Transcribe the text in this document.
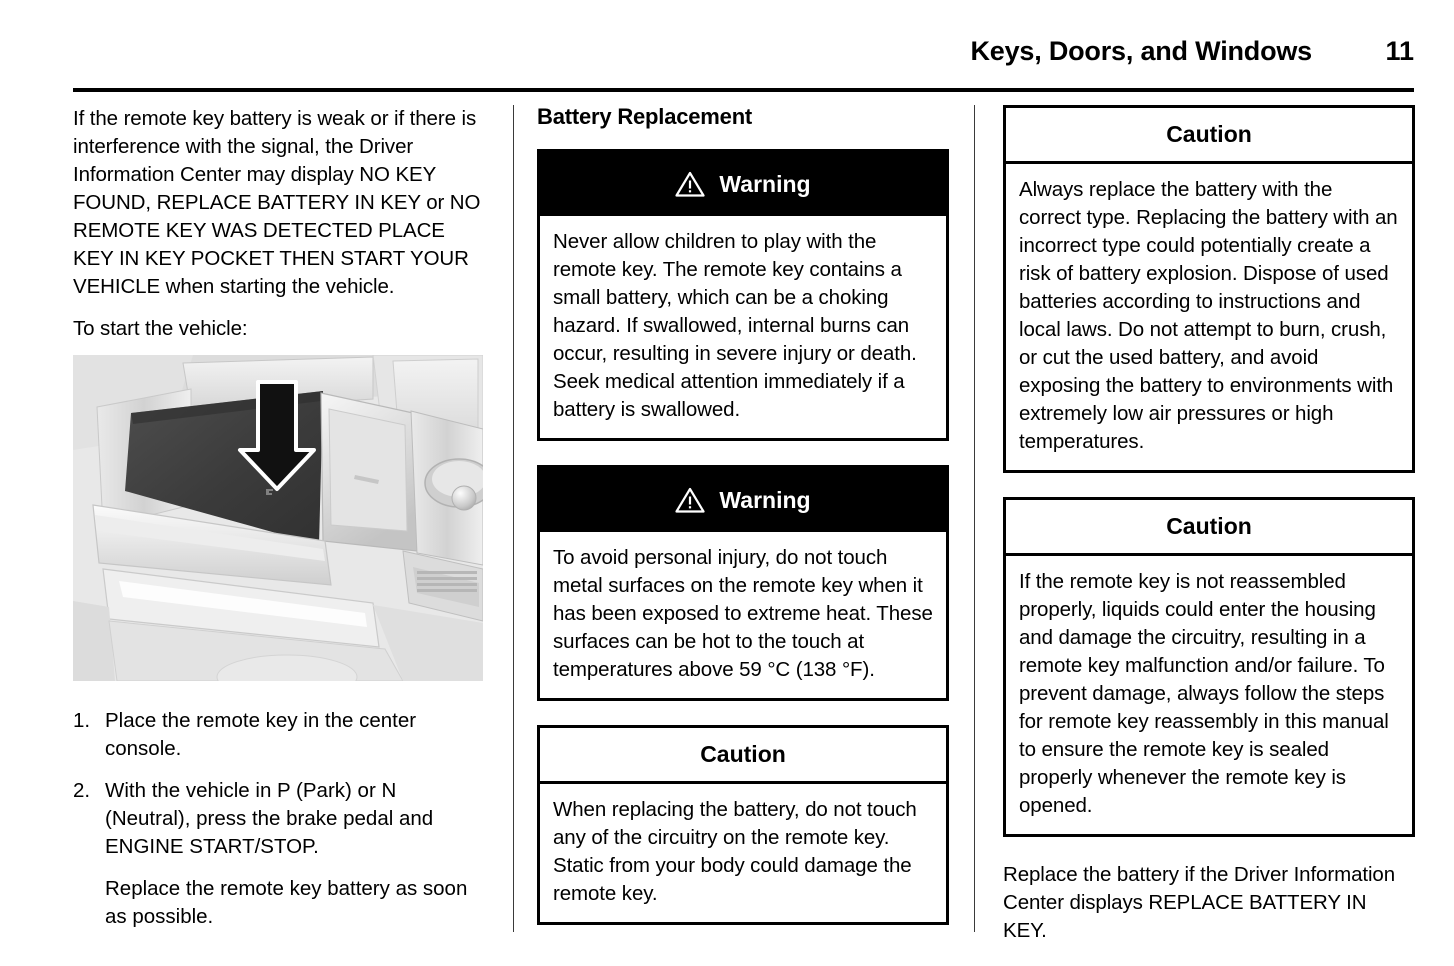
Keys, Doors, and Windows	11

If the remote key battery is weak or if there is interference with the signal, the Driver Information Center may display NO KEY FOUND, REPLACE BATTERY IN KEY or NO REMOTE KEY WAS DETECTED PLACE KEY IN KEY POCKET THEN START YOUR VEHICLE when starting the vehicle.

To start the vehicle:

1. Place the remote key in the center console.
2. With the vehicle in P (Park) or N (Neutral), press the brake pedal and ENGINE START/STOP.
Replace the remote key battery as soon as possible.
Battery Replacement
Warning

Never allow children to play with the remote key. The remote key contains a small battery, which can be a choking hazard. If swallowed, internal burns can occur, resulting in severe injury or death. Seek medical attention immediately if a battery is swallowed.

Warning

To avoid personal injury, do not touch metal surfaces on the remote key when it has been exposed to extreme heat. These surfaces can be hot to the touch at temperatures above 59 °C (138 °F).

Caution

When replacing the battery, do not touch any of the circuitry on the remote key. Static from your body could damage the remote key.

Caution

Always replace the battery with the correct type. Replacing the battery with an incorrect type could potentially create a risk of battery explosion. Dispose of used batteries according to instructions and local laws. Do not attempt to burn, crush, or cut the used battery, and avoid exposing the battery to environments with extremely low air pressures or high temperatures.

Caution

If the remote key is not reassembled properly, liquids could enter the housing and damage the circuitry, resulting in a remote key malfunction and/or failure. To prevent damage, always follow the steps for remote key reassembly in this manual to ensure the remote key is sealed properly whenever the remote key is opened.

Replace the battery if the Driver Information Center displays REPLACE BATTERY IN KEY.
